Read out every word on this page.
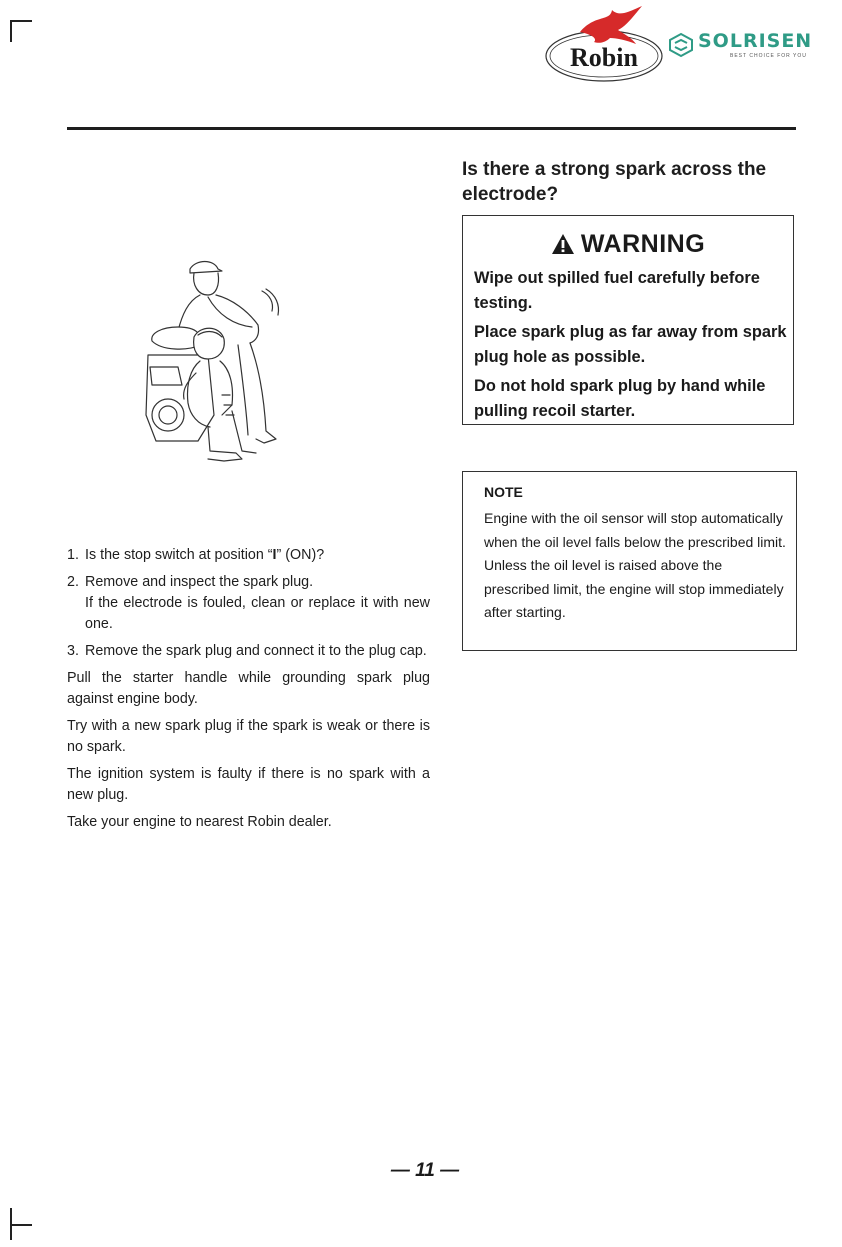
Robin
SOLRISEN
BEST CHOICE FOR YOU
1. Is the stop switch at position “I” (ON)?
2. Remove and inspect the spark plug.
If the electrode is fouled, clean or replace it with new one.
3. Remove the spark plug and connect it to the plug cap.

Pull the starter handle while grounding spark plug against engine body.

Try with a new spark plug if the spark is weak or there is no spark.

The ignition system is faulty if there is no spark with a new plug.

Take your engine to nearest Robin dealer.

Is there a strong spark across the electrode?
WARNING

Wipe out spilled fuel carefully before testing.

Place spark plug as far away from spark plug hole as possible.

Do not hold spark plug by hand while pulling recoil starter.

NOTE

Engine with the oil sensor will stop automatically when the oil level falls below the prescribed limit.

Unless the oil level is raised above the prescribed limit, the engine will stop immediately after starting.

— 11 —
